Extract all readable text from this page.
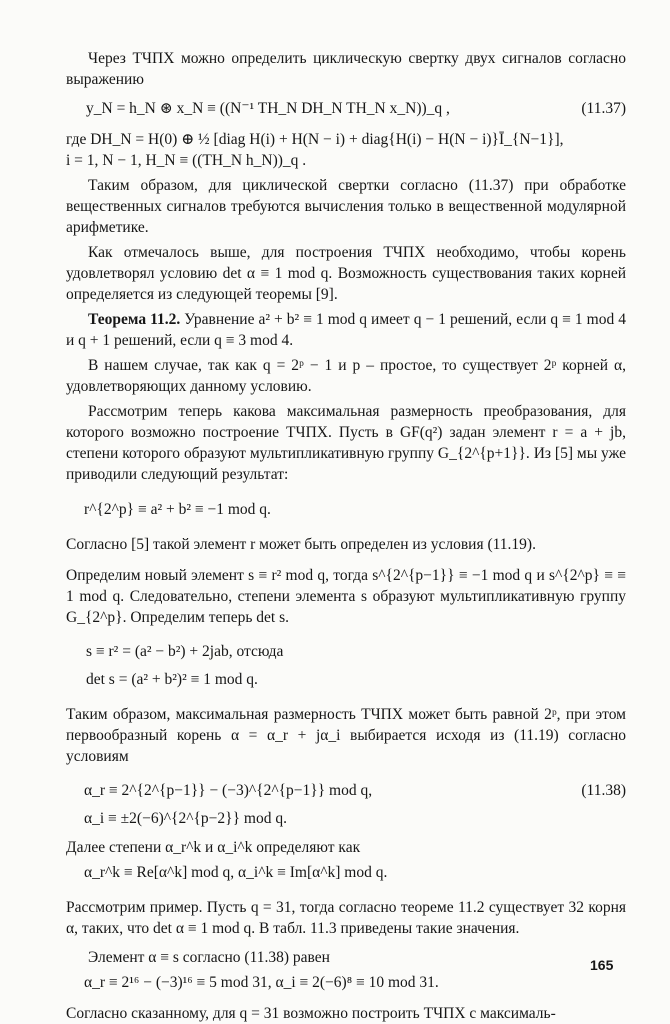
Через ТЧПХ можно определить циклическую свертку двух сигналов согласно выражению

y_N = h_N ⊛ x_N ≡ ((N⁻¹ TH_N DH_N TH_N x_N))_q ,	(11.37)

где DH_N = H(0) ⊕ ½ [diag H(i) + H(N − i) + diag{H(i) − H(N − i)}Ī_{N−1}],

i = 1, N − 1, H_N ≡ ((TH_N h_N))_q .

Таким образом, для циклической свертки согласно (11.37) при обработке вещественных сигналов требуются вычисления только в вещественной модулярной арифметике.

Как отмечалось выше, для построения ТЧПХ необходимо, чтобы корень удовлетворял условию det α ≡ 1 mod q. Возможность существования таких корней определяется из следующей теоремы [9].

Теорема 11.2. Уравнение a² + b² ≡ 1 mod q имеет q − 1 решений, если q ≡ 1 mod 4 и q + 1 решений, если q ≡ 3 mod 4.

В нашем случае, так как q = 2ᵖ − 1 и p – простое, то существует 2ᵖ корней α, удовлетворяющих данному условию.

Рассмотрим теперь какова максимальная размерность преобразования, для которого возможно построение ТЧПХ. Пусть в GF(q²) задан элемент r = a + jb, степени которого образуют мультипликативную группу G_{2^{p+1}}. Из [5] мы уже приводили следующий результат:

r^{2^p} ≡ a² + b² ≡ −1 mod q.

Согласно [5] такой элемент r может быть определен из условия (11.19).

Определим новый элемент s ≡ r² mod q, тогда s^{2^{p−1}} ≡ −1 mod q и s^{2^p} ≡ ≡ 1 mod q. Следовательно, степени элемента s образуют мультипликативную группу G_{2^p}. Определим теперь det s.

s ≡ r² = (a² − b²) + 2jab, отсюда

det s = (a² + b²)² ≡ 1 mod q.

Таким образом, максимальная размерность ТЧПХ может быть равной 2ᵖ, при этом первообразный корень α = α_r + jα_i выбирается исходя из (11.19) согласно условиям

α_r ≡ 2^{2^{p−1}} − (−3)^{2^{p−1}} mod q,
α_i ≡ ±2(−6)^{2^{p−2}} mod q.
(11.38)

Далее степени α_r^k и α_i^k определяют как

α_r^k ≡ Re[α^k] mod q, α_i^k ≡ Im[α^k] mod q.

Рассмотрим пример. Пусть q = 31, тогда согласно теореме 11.2 существует 32 корня α, таких, что det α ≡ 1 mod q. В табл. 11.3 приведены такие значения.

Элемент α ≡ s согласно (11.38) равен

α_r ≡ 2¹⁶ − (−3)¹⁶ ≡ 5 mod 31, α_i ≡ 2(−6)⁸ ≡ 10 mod 31.

Согласно сказанному, для q = 31 возможно построить ТЧПХ с максималь-

165
